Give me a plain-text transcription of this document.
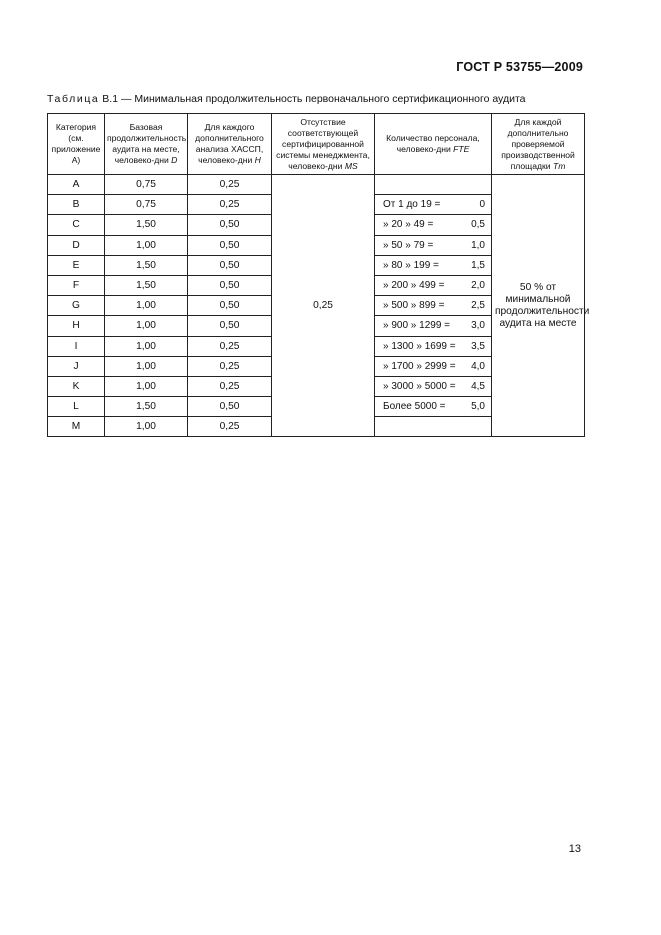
ГОСТ Р 53755—2009
Таблица В.1 — Минимальная продолжительность первоначального сертификационного аудита
Категория (см. приложение А)	Базовая продолжительность аудита на месте, человеко-дни D	Для каждого дополнительного анализа ХАССП, человеко-дни H	Отсутствие соответствующей сертифицированной системы менеджмента, человеко-дни MS	Количество персонала, человеко-дни FTE	Для каждой дополнительно проверяемой производственной площадки Tm
A	0,75	0,25	0,25		50 % от минимальной продолжительности аудита на месте

B	0,75	0,25		От 1 до 19 = 0	

C	1,50	0,50		» 20 » 49 = 0,5	

D	1,00	0,50		» 50 » 79 = 1,0	

E	1,50	0,50		» 80 » 199 = 1,5	

F	1,50	0,50		» 200 » 499 = 2,0	

G	1,00	0,50		» 500 » 899 = 2,5	

H	1,00	0,50		» 900 » 1299 = 3,0	

I	1,00	0,25		» 1300 » 1699 = 3,5	

J	1,00	0,25		» 1700 » 2999 = 4,0	

K	1,00	0,25		» 3000 » 5000 = 4,5	

L	1,50	0,50		Более 5000 = 5,0	

M	1,00	0,25			
13
